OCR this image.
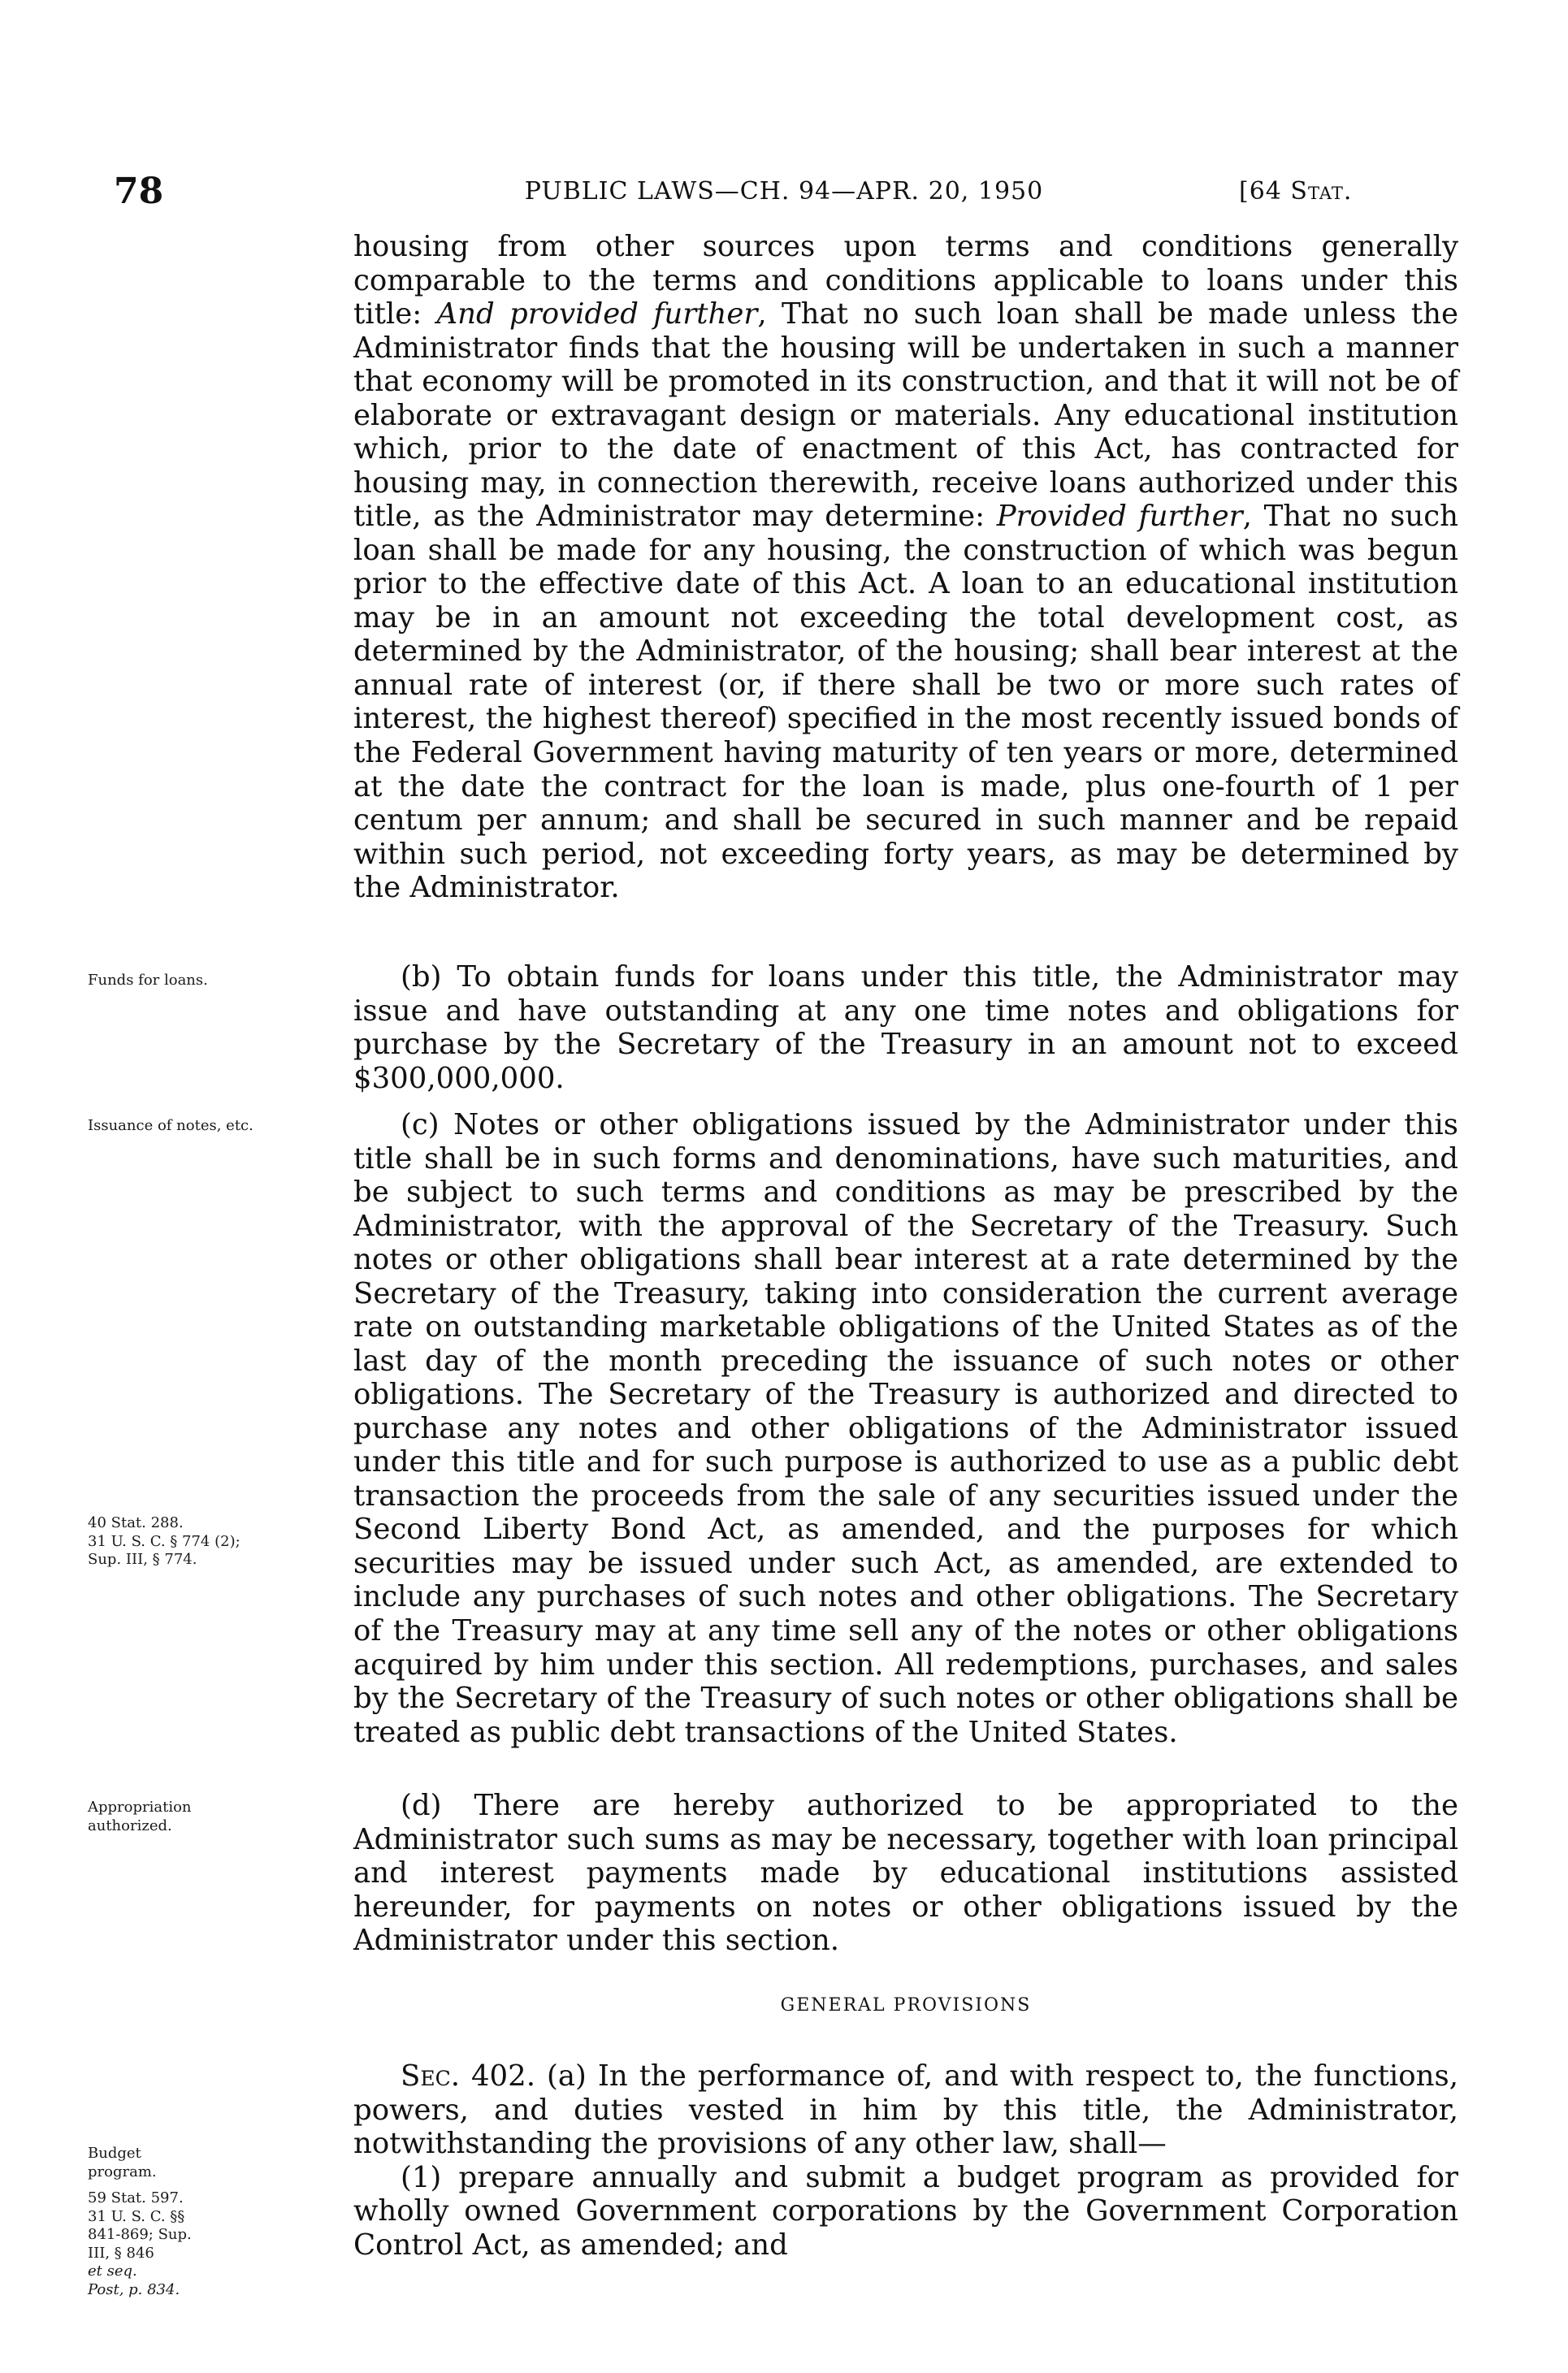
78	PUBLIC LAWS—CH. 94—APR. 20, 1950	[64 Stat.

housing from other sources upon terms and conditions generally comparable to the terms and conditions applicable to loans under this title: And provided further, That no such loan shall be made unless the Administrator finds that the housing will be undertaken in such a manner that economy will be promoted in its construction, and that it will not be of elaborate or extravagant design or materials. Any educational institution which, prior to the date of enactment of this Act, has contracted for housing may, in connection therewith, receive loans authorized under this title, as the Administrator may determine: Provided further, That no such loan shall be made for any housing, the construction of which was begun prior to the effective date of this Act. A loan to an educational institution may be in an amount not exceeding the total development cost, as determined by the Administrator, of the housing; shall bear interest at the annual rate of interest (or, if there shall be two or more such rates of interest, the highest thereof) specified in the most recently issued bonds of the Federal Government having maturity of ten years or more, determined at the date the contract for the loan is made, plus one-fourth of 1 per centum per annum; and shall be secured in such manner and be repaid within such period, not exceeding forty years, as may be determined by the Administrator.

(b) To obtain funds for loans under this title, the Administrator may issue and have outstanding at any one time notes and obligations for purchase by the Secretary of the Treasury in an amount not to exceed $300,000,000.

(c) Notes or other obligations issued by the Administrator under this title shall be in such forms and denominations, have such maturities, and be subject to such terms and conditions as may be prescribed by the Administrator, with the approval of the Secretary of the Treasury. Such notes or other obligations shall bear interest at a rate determined by the Secretary of the Treasury, taking into consideration the current average rate on outstanding marketable obligations of the United States as of the last day of the month preceding the issuance of such notes or other obligations. The Secretary of the Treasury is authorized and directed to purchase any notes and other obligations of the Administrator issued under this title and for such purpose is authorized to use as a public debt transaction the proceeds from the sale of any securities issued under the Second Liberty Bond Act, as amended, and the purposes for which securities may be issued under such Act, as amended, are extended to include any purchases of such notes and other obligations. The Secretary of the Treasury may at any time sell any of the notes or other obligations acquired by him under this section. All redemptions, purchases, and sales by the Secretary of the Treasury of such notes or other obligations shall be treated as public debt transactions of the United States.

(d) There are hereby authorized to be appropriated to the Administrator such sums as may be necessary, together with loan principal and interest payments made by educational institutions assisted hereunder, for payments on notes or other obligations issued by the Administrator under this section.

GENERAL PROVISIONS

Sec. 402. (a) In the performance of, and with respect to, the functions, powers, and duties vested in him by this title, the Administrator, notwithstanding the provisions of any other law, shall—

(1) prepare annually and submit a budget program as provided for wholly owned Government corporations by the Government Corporation Control Act, as amended; and

Funds for loans.
Issuance of notes, etc.
40 Stat. 288.
31 U. S. C. § 774 (2);
Sup. III, § 774.
Appropriation authorized.
Budget program.
59 Stat. 597.
31 U. S. C. §§ 841-869; Sup. III, § 846
et seq.
Post, p. 834.
